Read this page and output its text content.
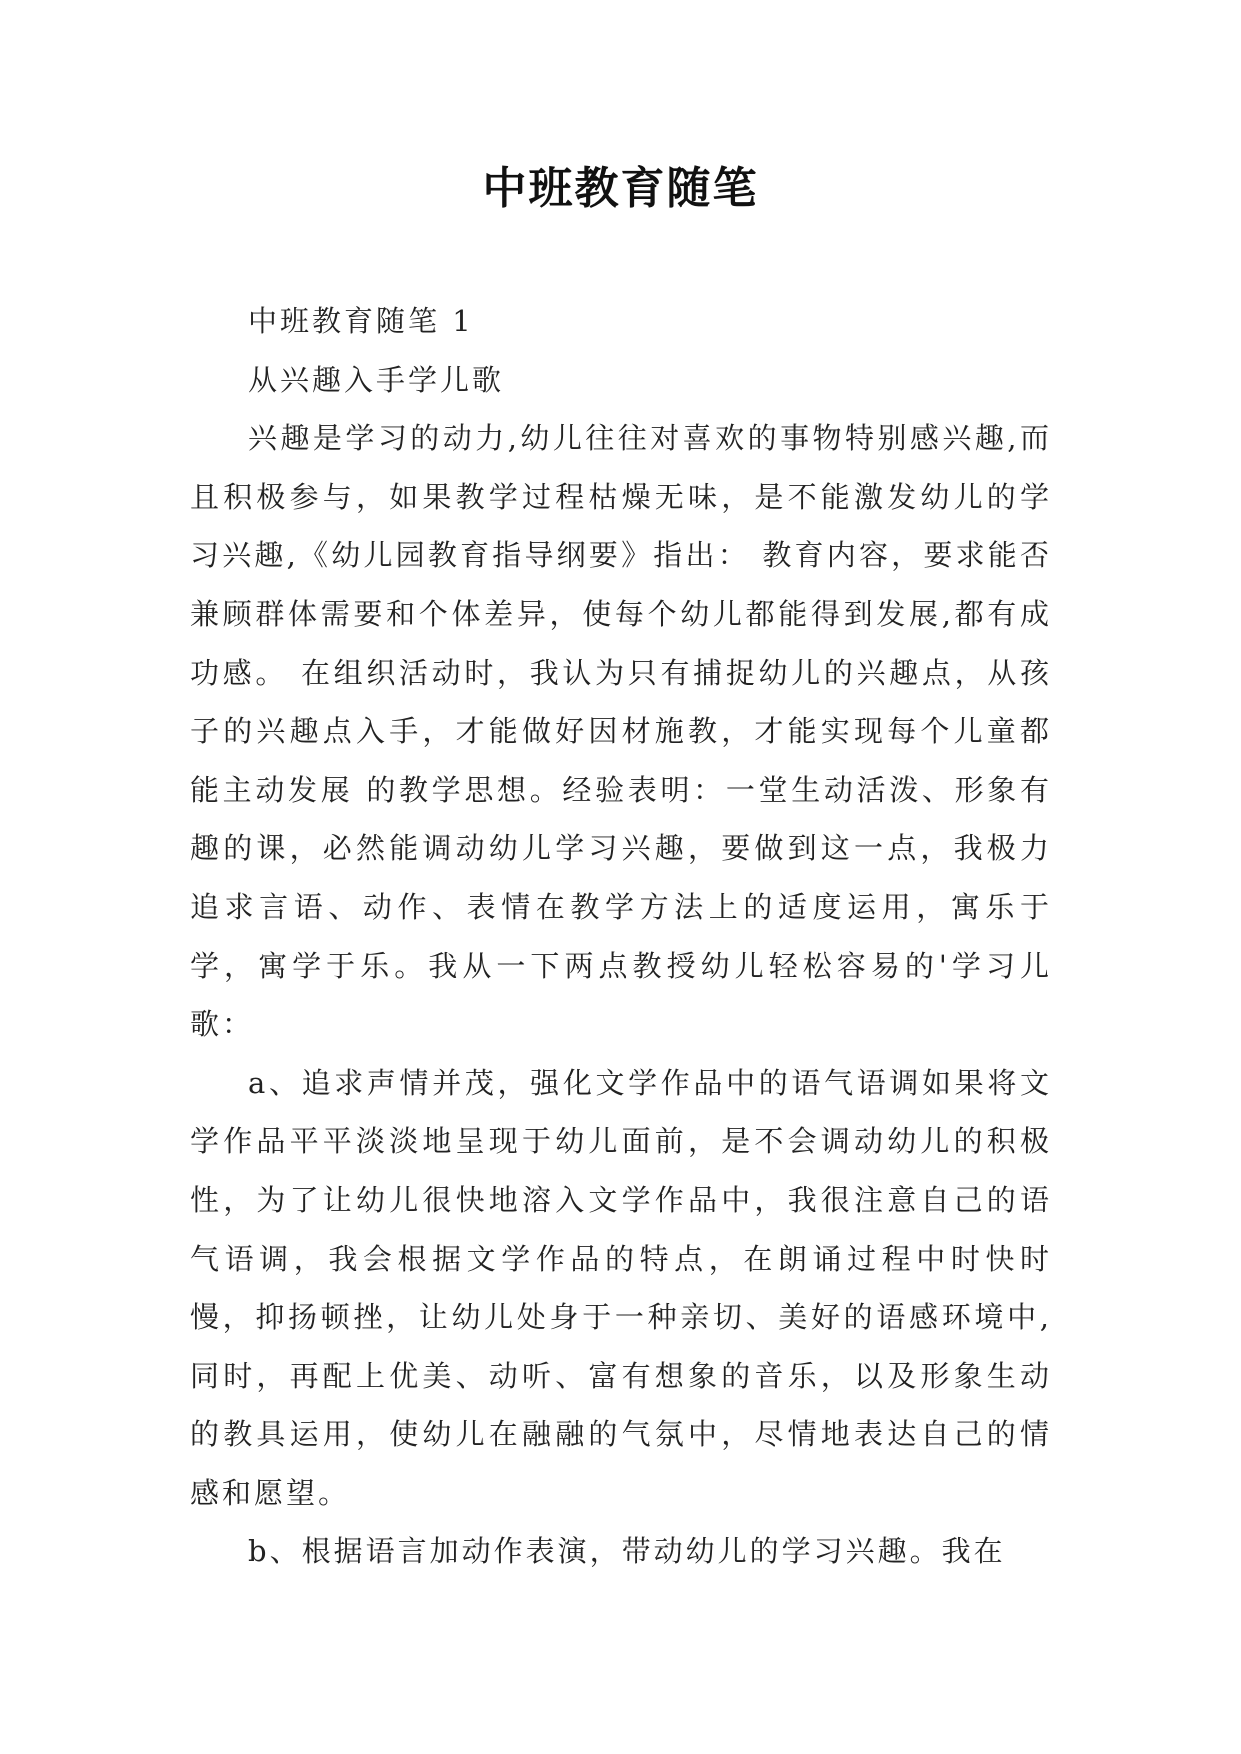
中班教育随笔

中班教育随笔 1

从兴趣入手学儿歌

兴趣是学习的动力,幼儿往往对喜欢的事物特别感兴趣,而且积极参与，如果教学过程枯燥无味，是不能激发幼儿的学习兴趣,《幼儿园教育指导纲要》指出： 教育内容，要求能否兼顾群体需要和个体差异，使每个幼儿都能得到发展,都有成功感。 在组织活动时，我认为只有捕捉幼儿的兴趣点，从孩子的兴趣点入手，才能做好因材施教，才能实现每个儿童都能主动发展 的教学思想。经验表明：一堂生动活泼、形象有趣的课，必然能调动幼儿学习兴趣，要做到这一点，我极力追求言语、动作、表情在教学方法上的适度运用，寓乐于学，寓学于乐。我从一下两点教授幼儿轻松容易的'学习儿歌：

a、追求声情并茂，强化文学作品中的语气语调如果将文学作品平平淡淡地呈现于幼儿面前，是不会调动幼儿的积极性，为了让幼儿很快地溶入文学作品中，我很注意自己的语气语调，我会根据文学作品的特点，在朗诵过程中时快时慢，抑扬顿挫，让幼儿处身于一种亲切、美好的语感环境中,同时，再配上优美、动听、富有想象的音乐，以及形象生动的教具运用，使幼儿在融融的气氛中，尽情地表达自己的情感和愿望。

b、根据语言加动作表演，带动幼儿的学习兴趣。我在
